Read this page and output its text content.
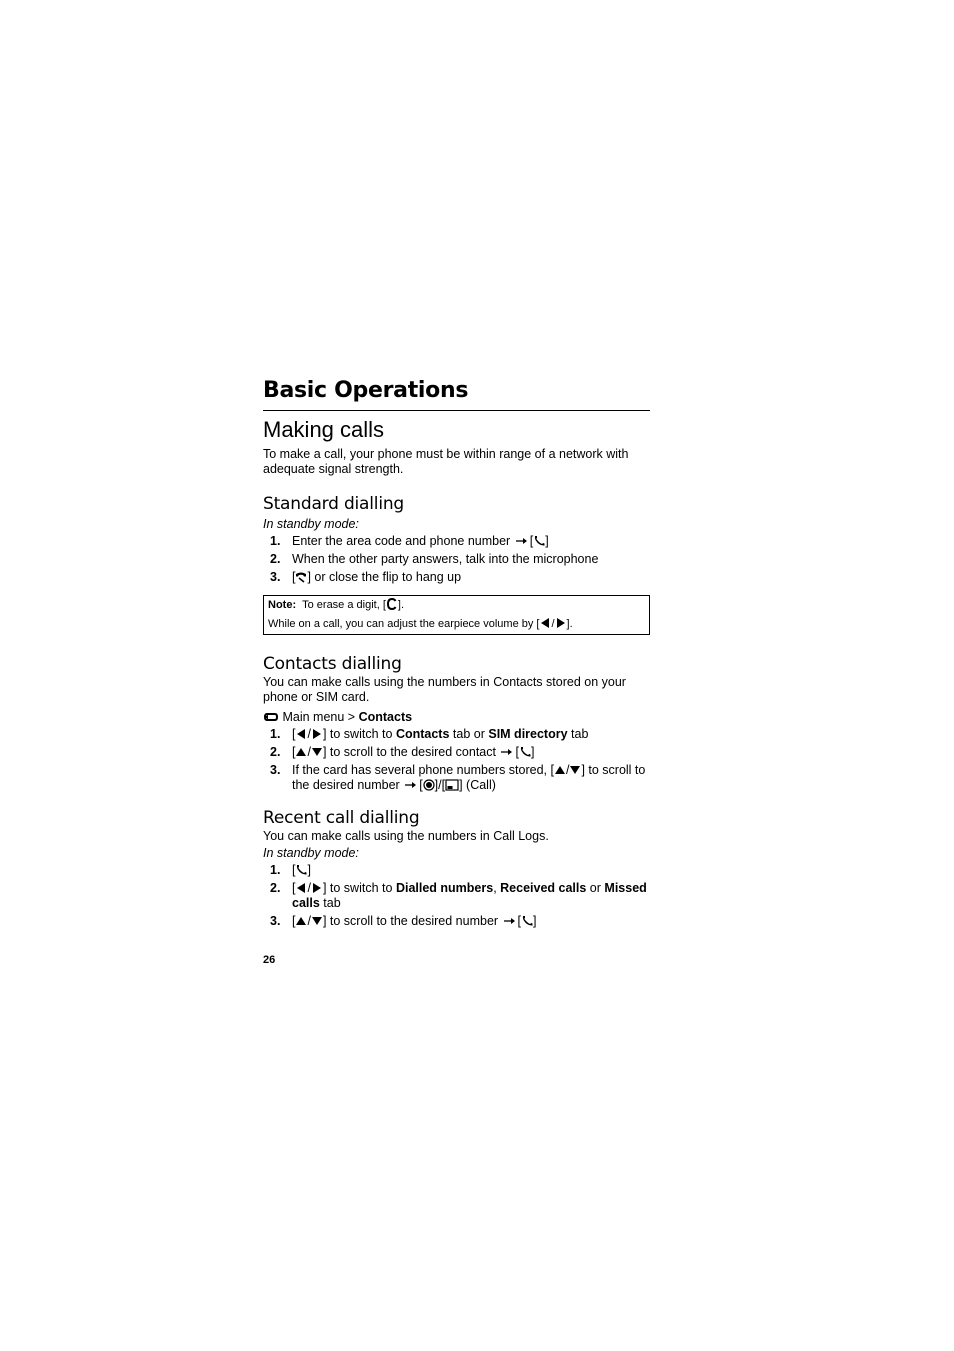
Basic Operations
Making calls

To make a call, your phone must be within range of a network with adequate signal strength.

Standard dialling

In standby mode:

1. Enter the area code and phone number [ ]
2. When the other party answers, talk into the microphone
3. [ ] or close the flip to hang up

Note: To erase a digit, [ ].

While on a call, you can adjust the earpiece volume by [ / ].

Contacts dialling

You can make calls using the numbers in Contacts stored on your phone or SIM card.

Main menu > Contacts
1. [ / ] to switch to Contacts tab or SIM directory tab
2. [ / ] to scroll to the desired contact [ ]
3. If the card has several phone numbers stored, [ / ] to scroll to the desired number [ ]/[ ] (Call)
Recent call dialling

You can make calls using the numbers in Call Logs.

In standby mode:

1. [ ]
2. [ / ] to switch to Dialled numbers, Received calls or Missed calls tab
3. [ / ] to scroll to the desired number [ ]
26
